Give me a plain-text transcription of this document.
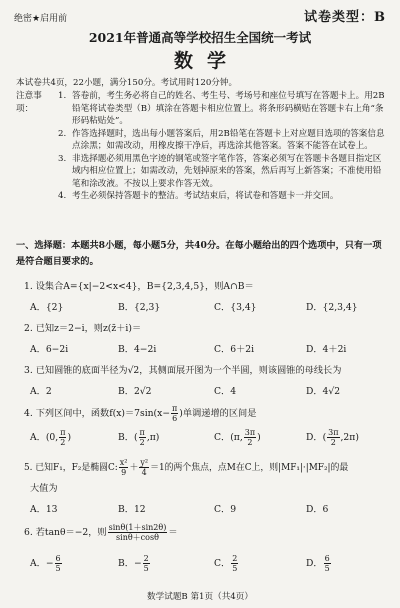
绝密★启用前	试卷类型：B
2021年普通高等学校招生全国统一考试
数学
本试卷共4页，22小题，满分150分。考试用时120分钟。
注意事项：
1. 答卷前，考生务必将自己的姓名、考生号、考场号和座位号填写在答题卡上。用2B铅笔将试卷类型（B）填涂在答题卡相应位置上。将条形码横贴在答题卡右上角“条形码粘贴处”。
2. 作答选择题时，选出每小题答案后，用2B铅笔在答题卡上对应题目选项的答案信息点涂黑；如需改动，用橡皮擦干净后，再选涂其他答案。答案不能答在试卷上。
3. 非选择题必须用黑色字迹的钢笔或签字笔作答，答案必须写在答题卡各题目指定区域内相应位置上；如需改动，先划掉原来的答案，然后再写上新答案；不准使用铅笔和涂改液。不按以上要求作答无效。
4. 考生必须保持答题卡的整洁。考试结束后，将试卷和答题卡一并交回。
一、选择题：本题共8小题，每小题5分，共40分。在每小题给出的四个选项中，只有一项是符合题目要求的。
1. 设集合A={x|−2<x<4}，B={2,3,4,5}，则A∩B＝
A．{2}	B．{2,3}	C．{3,4}	D．{2,3,4}
2. 已知z＝2−i，则z(z̄＋i)＝
A．6−2i	B．4−2i	C．6＋2i	D．4＋2i
3. 已知圆锥的底面半径为√2，其侧面展开图为一个半圆，则该圆锥的母线长为
A．2	B．2√2	C．4	D．4√2
4. 下列区间中，函数$f(x)=7\sin(x- \frac{\pi}{6}$ )单调递增的区间是
A．(0, $\frac{\pi}{2}$ )	B．( $\frac{\pi}{2} ,\pi$)	C．(π, $\frac{3\pi}{2}$ )	D．( $\frac{3\pi}{2} ,2\pi$)
5. 已知F₁，F₂是椭圆C: $\frac{\text{x²}}{9} + \frac{\text{y²}}{4} =1$的两个焦点，点M在C上，则|MF₁|·|MF₂|的最
大值为
A．13	B．12	C．9	D．6
6. 若tanθ＝−2，则 $\frac{\sin\theta(1+\sin 2\theta)}{\sin\theta+\cos\theta}$ ＝
A．− $\frac{6}{5}$	B．− $\frac{2}{5}$	C． $\frac{2}{5}$	D． $\frac{6}{5}$
数学试题B 第1页（共4页）
